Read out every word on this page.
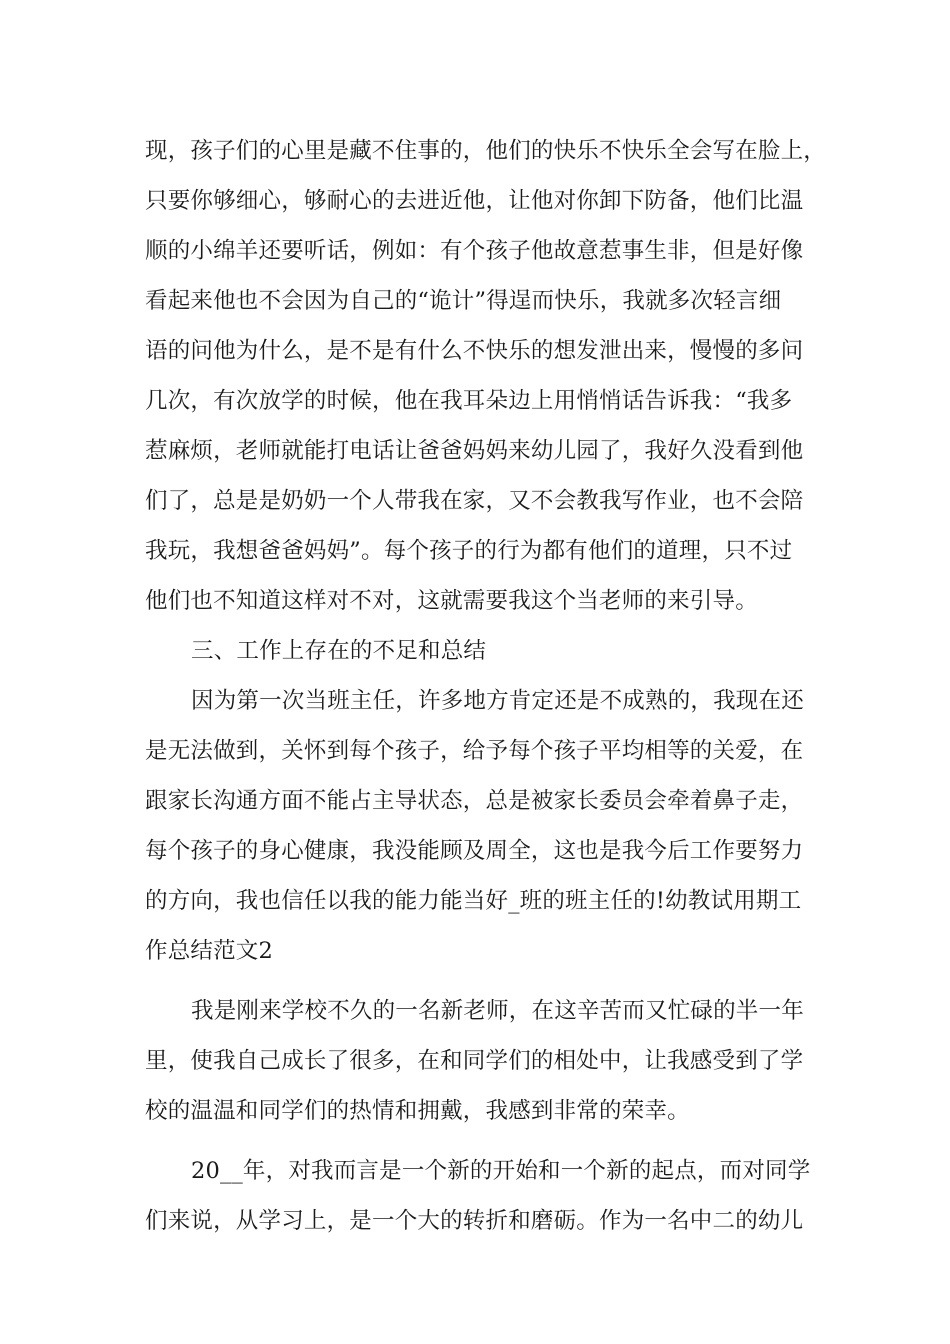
现，孩子们的心里是藏不住事的，他们的快乐不快乐全会写在脸上，
只要你够细心，够耐心的去进近他，让他对你卸下防备，他们比温
顺的小绵羊还要听话，例如：有个孩子他故意惹事生非，但是好像
看起来他也不会因为自己的“诡计”得逞而快乐，我就多次轻言细
语的问他为什么，是不是有什么不快乐的想发泄出来，慢慢的多问
几次，有次放学的时候，他在我耳朵边上用悄悄话告诉我：“我多
惹麻烦，老师就能打电话让爸爸妈妈来幼儿园了，我好久没看到他
们了，总是是奶奶一个人带我在家，又不会教我写作业，也不会陪
我玩，我想爸爸妈妈”。每个孩子的行为都有他们的道理，只不过
他们也不知道这样对不对，这就需要我这个当老师的来引导。
三、工作上存在的不足和总结
因为第一次当班主任，许多地方肯定还是不成熟的，我现在还
是无法做到，关怀到每个孩子，给予每个孩子平均相等的关爱，在
跟家长沟通方面不能占主导状态，总是被家长委员会牵着鼻子走，
每个孩子的身心健康，我没能顾及周全，这也是我今后工作要努力
的方向，我也信任以我的能力能当好_班的班主任的!幼教试用期工
作总结范文2
我是刚来学校不久的一名新老师，在这辛苦而又忙碌的半一年
里，使我自己成长了很多，在和同学们的相处中，让我感受到了学
校的温温和同学们的热情和拥戴，我感到非常的荣幸。
20__年，对我而言是一个新的开始和一个新的起点，而对同学
们来说，从学习上，是一个大的转折和磨砺。作为一名中二的幼儿
